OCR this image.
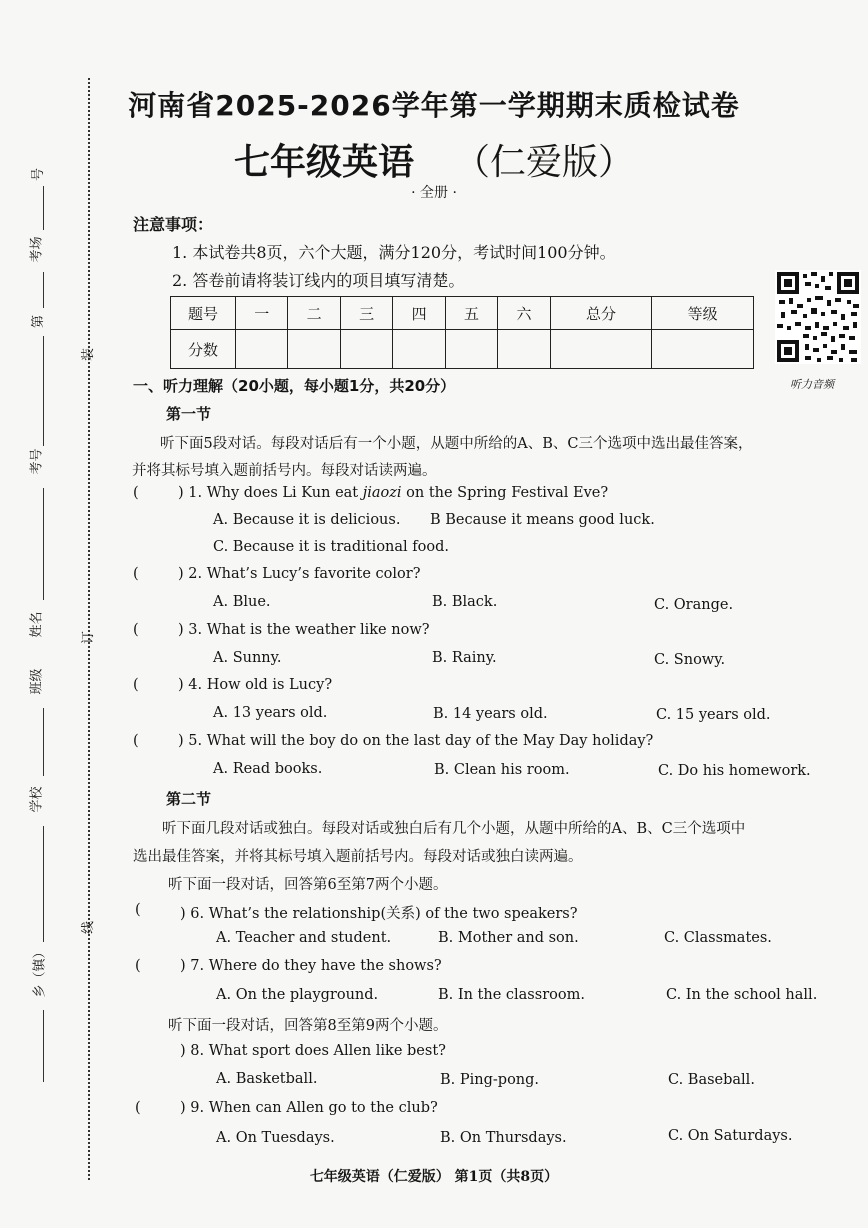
装
订
线
号
考场
第
考号
姓名
班级
学校
乡（镇）
河南省2025-2026学年第一学期期末质检试卷
七年级英语 （仁爱版）
· 全册 ·
注意事项：
1. 本试卷共8页，六个大题，满分120分，考试时间100分钟。
2. 答卷前请将装订线内的项目填写清楚。
题号	一	二	三	四	五	六	总分	等级
分数								
听力音频
一、听力理解（20小题，每小题1分，共20分）
第一节
听下面5段对话。每段对话后有一个小题，从题中所给的A、B、C三个选项中选出最佳答案，
并将其标号填入题前括号内。每段对话读两遍。
(	) 1. Why does Li Kun eat jiaozi on the Spring Festival Eve?
A. Because it is delicious. B Because it means good luck.
C. Because it is traditional food.
(	) 2. What’s Lucy’s favorite color?
A. Blue.	B. Black.	C. Orange.
(	) 3. What is the weather like now?
A. Sunny.	B. Rainy.	C. Snowy.
(	) 4. How old is Lucy?
A. 13 years old.	B. 14 years old.	C. 15 years old.
(	) 5. What will the boy do on the last day of the May Day holiday?
A. Read books.	B. Clean his room.	C. Do his homework.
第二节
听下面几段对话或独白。每段对话或独白后有几个小题，从题中所给的A、B、C三个选项中
选出最佳答案，并将其标号填入题前括号内。每段对话或独白读两遍。
听下面一段对话，回答第6至第7两个小题。
(	) 6. What’s the relationship(关系) of the two speakers?
A. Teacher and student.	B. Mother and son.	C. Classmates.
(	) 7. Where do they have the shows?
A. On the playground.	B. In the classroom.	C. In the school hall.
听下面一段对话，回答第8至第9两个小题。
) 8. What sport does Allen like best?
A. Basketball.	B. Ping-pong.	C. Baseball.
(	) 9. When can Allen go to the club?
A. On Tuesdays.	B. On Thursdays.	C. On Saturdays.
七年级英语（仁爱版） 第1页（共8页）
